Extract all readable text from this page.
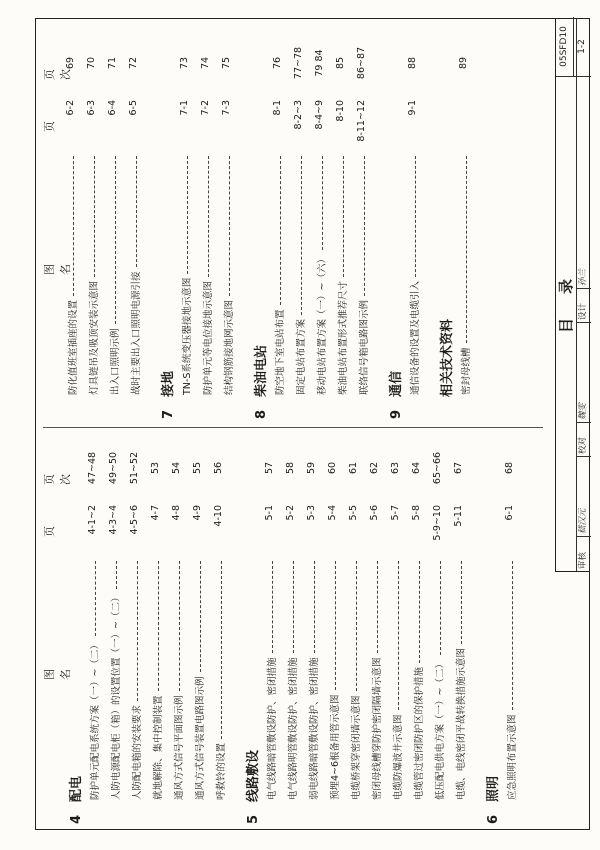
图名
页
页次
4配电 防护单元配电系统方案（一）~（二）
4-1~2
47~48
人防电源配电柜（箱）的设置位置（一）~（二）
4-3~4
49~50
人防配电箱的安装要求
4-5~6
51~52
就地解除、集中控制装置
4-7
53
通风方式信号平面图示例
4-8
54
通风方式信号装置电路图示例
4-9
55
呼救铃的设置
4-10
56
5线路敷设 电气线路暗管敷设防护、密闭措施
5-1
57
电气线路明管敷设防护、密闭措施
5-2
58
弱电线路暗管敷设防护、密闭措施
5-3
59
预埋4~6根备用管示意图
5-4
60
电缆桥架穿密闭墙示意图
5-5
61
密闭母线槽穿防护密闭隔墙示意图
5-6
62
电缆防爆波井示意图
5-7
63
电缆管过密闭防护区的保护措施
5-8
64
低压配电供电方案（一）~（二）
5-9~10
65~66
电缆、电线密闭平战转换措施示意图
5-11
67
6照明 应急照明布置示意图
6-1
68
图名
页
页次
防化值班室插座的设置
6-2
69
灯具链吊及吸顶安装示意图
6-3
70
出入口照明示例
6-4
71
战时主要出入口照明电源引接
6-5
72
7接地 TN-S系统变压器接地示意图
7-1
73
防护单元等电位接地示意图
7-2
74
结构钢筋接地网示意图
7-3
75
8柴油电站 防空地下室电站布置
8-1
76
固定电站布置方案
8-2~3
77~78
移动电站布置方案（一）~（六）
8-4~9
79 84
柴油电站布置形式推荐尺寸
8-10
85
联络信号箱电路图示例
8-11~12
86~87
9通信 通信设备的设置及电缆引入
9-1
88
相关技术资料 密封母线槽
89
目录
审核
嵇汉元
校对
魏雯
设计
孙兰
05SFD10 1-2
